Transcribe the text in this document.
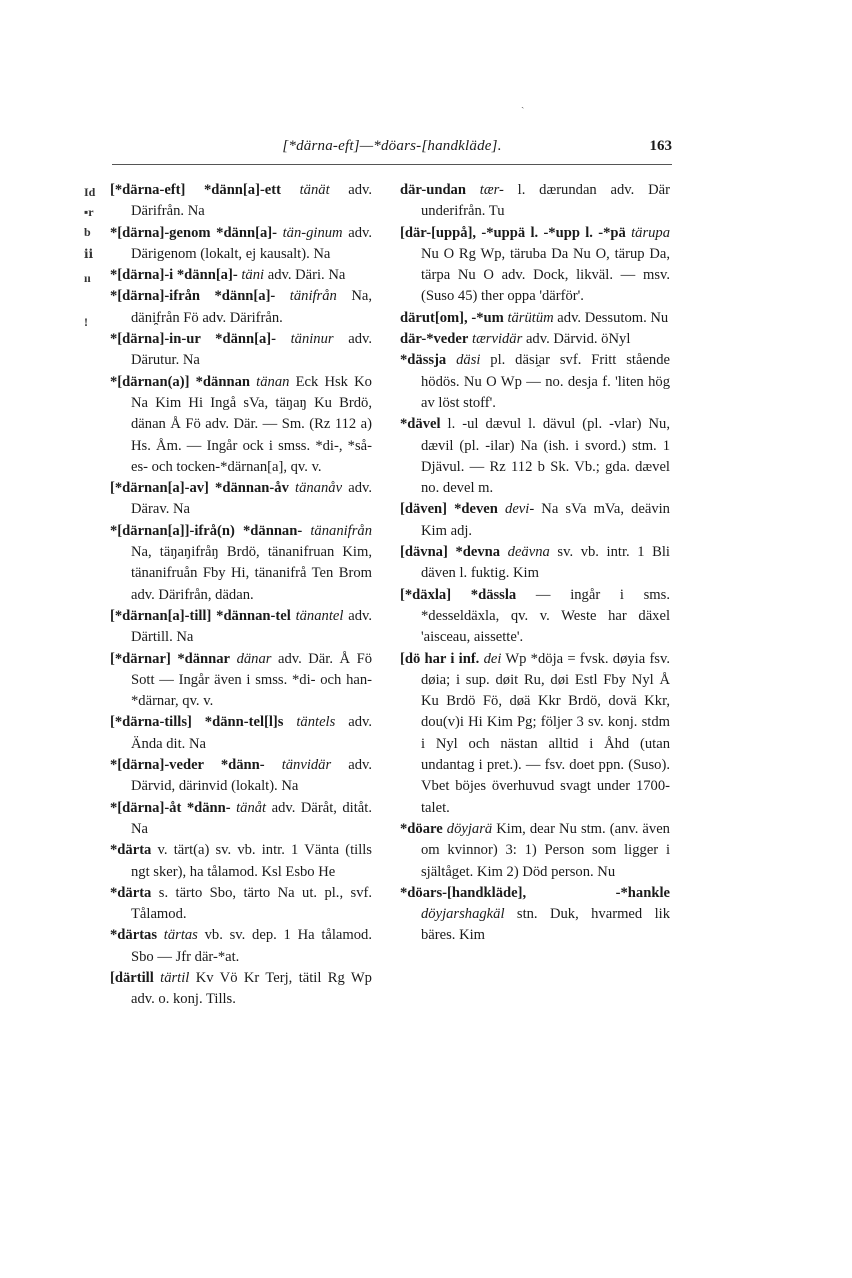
ˎ
[*därna-eft]—*döars-[handkläde].	163
Id
▪r
b
ⅱ
ıı
!

[*därna-eft] *dänn[a]-ett tänät adv. Därifrån. Na

*[därna]-genom *dänn[a]- tän-ginum adv. Därigenom (lokalt, ej kausalt). Na

*[därna]-i *dänn[a]- täni adv. Däri. Na

*[därna]-ifrån *dänn[a]- tänifrån Na, däni̯från Fö adv. Därifrån.

*[därna]-in-ur *dänn[a]- täninur adv. Därutur. Na

*[därnan(a)] *dännan tänan Eck Hsk Ko Na Kim Hi Ingå sVa, täŋaŋ Ku Brdö, dänan Å Fö adv. Där. — Sm. (Rz 112 a) Hs. Åm. — Ingår ock i smss. *di-, *så-es- och tocken-*därnan[a], qv. v.

[*därnan[a]-av] *dännan-åv tänanåv adv. Därav. Na

*[därnan[a]]-ifrå(n) *dännan- tänanifrån Na, täŋaŋifråŋ Brdö, tänanifruan Kim, tänanifruån Fby Hi, tänanifrå Ten Brom adv. Därifrån, dädan.

[*därnan[a]-till] *dännan-tel tänantel adv. Därtill. Na

[*därnar] *dännar dänar adv. Där. Å Fö Sott — Ingår även i smss. *di- och han-*därnar, qv. v.

[*därna-tills] *dänn-tel[l]s täntels adv. Ända dit. Na

*[därna]-veder *dänn- tänvidär adv. Därvid, därinvid (lokalt). Na

*[därna]-åt *dänn- tänåt adv. Däråt, ditåt. Na

*därta v. tärt(a) sv. vb. intr. 1 Vänta (tills ngt sker), ha tålamod. Ksl Esbo He

*därta s. tärto Sbo, tärto Na ut. pl., svf. Tålamod.

*därtas tärtas vb. sv. dep. 1 Ha tålamod. Sbo — Jfr där-*at.

[därtill tärtil Kv Vö Kr Terj, tätil Rg Wp adv. o. konj. Tills.

där-undan tær- l. dærundan adv. Där underifrån. Tu

[där-[uppå], -*uppä l. -*upp l. -*pä tärupa Nu O Rg Wp, täruba Da Nu O, tärup Da, tärpa Nu O adv. Dock, likväl. — msv. (Suso 45) ther oppa 'därför'.

därut[om], -*um tärütüm adv. Dessutom. Nu

där-*veder tærvidär adv. Därvid. öNyl

*dässja däsi pl. däsi̯ar svf. Fritt stående hödös. Nu O Wp — no. desja f. 'liten hög av löst stoff'.

*dävel l. -ul dævul l. dävul (pl. -vlar) Nu, dævil (pl. -ilar) Na (ish. i svord.) stm. 1 Djävul. — Rz 112 b Sk. Vb.; gda. dævel no. devel m.

[däven] *deven devi- Na sVa mVa, deävin Kim adj.

[dävna] *devna deävna sv. vb. intr. 1 Bli däven l. fuktig. Kim

[*däxla] *dässla — ingår i sms. *desseldäxla, qv. v. Weste har däxel 'aisceau, aissette'.

[dö har i inf. dei Wp *döja = fvsk. døyia fsv. døia; i sup. døit Ru, døi Estl Fby Nyl Å Ku Brdö Fö, døä Kkr Brdö, dovä Kkr, dou(v)i Hi Kim Pg; följer 3 sv. konj. stdm i Nyl och nästan alltid i Åhd (utan undantag i pret.). — fsv. doet ppn. (Suso). Vbet böjes överhuvud svagt under 1700-talet.

*döare döyjarä Kim, dear Nu stm. (anv. även om kvinnor) 3: 1) Person som ligger i själtåget. Kim 2) Död person. Nu

*döars-[handkläde], -*hankle döyjarshagkäl stn. Duk, hvarmed lik bäres. Kim
